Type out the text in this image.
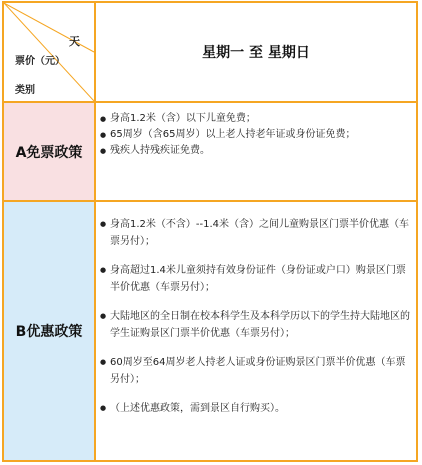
天
票价（元）
类别
星期一 至 星期日
A免票政策
● 身高1.2米（含）以下儿童免费；
● 65周岁（含65周岁）以上老人持老年证或身份证免费；
● 残疾人持残疾证免费。
B优惠政策
● 身高1.2米（不含）--1.4米（含）之间儿童购景区门票半价优惠（车票另付）；
● 身高超过1.4米儿童须持有效身份证件（身份证或户口）购景区门票半价优惠（车票另付）；
● 大陆地区的全日制在校本科学生及本科学历以下的学生持大陆地区的学生证购景区门票半价优惠（车票另付）；
● 60周岁至64周岁老人持老人证或身份证购景区门票半价优惠（车票另付）；
● （上述优惠政策，需到景区自行购买）。
